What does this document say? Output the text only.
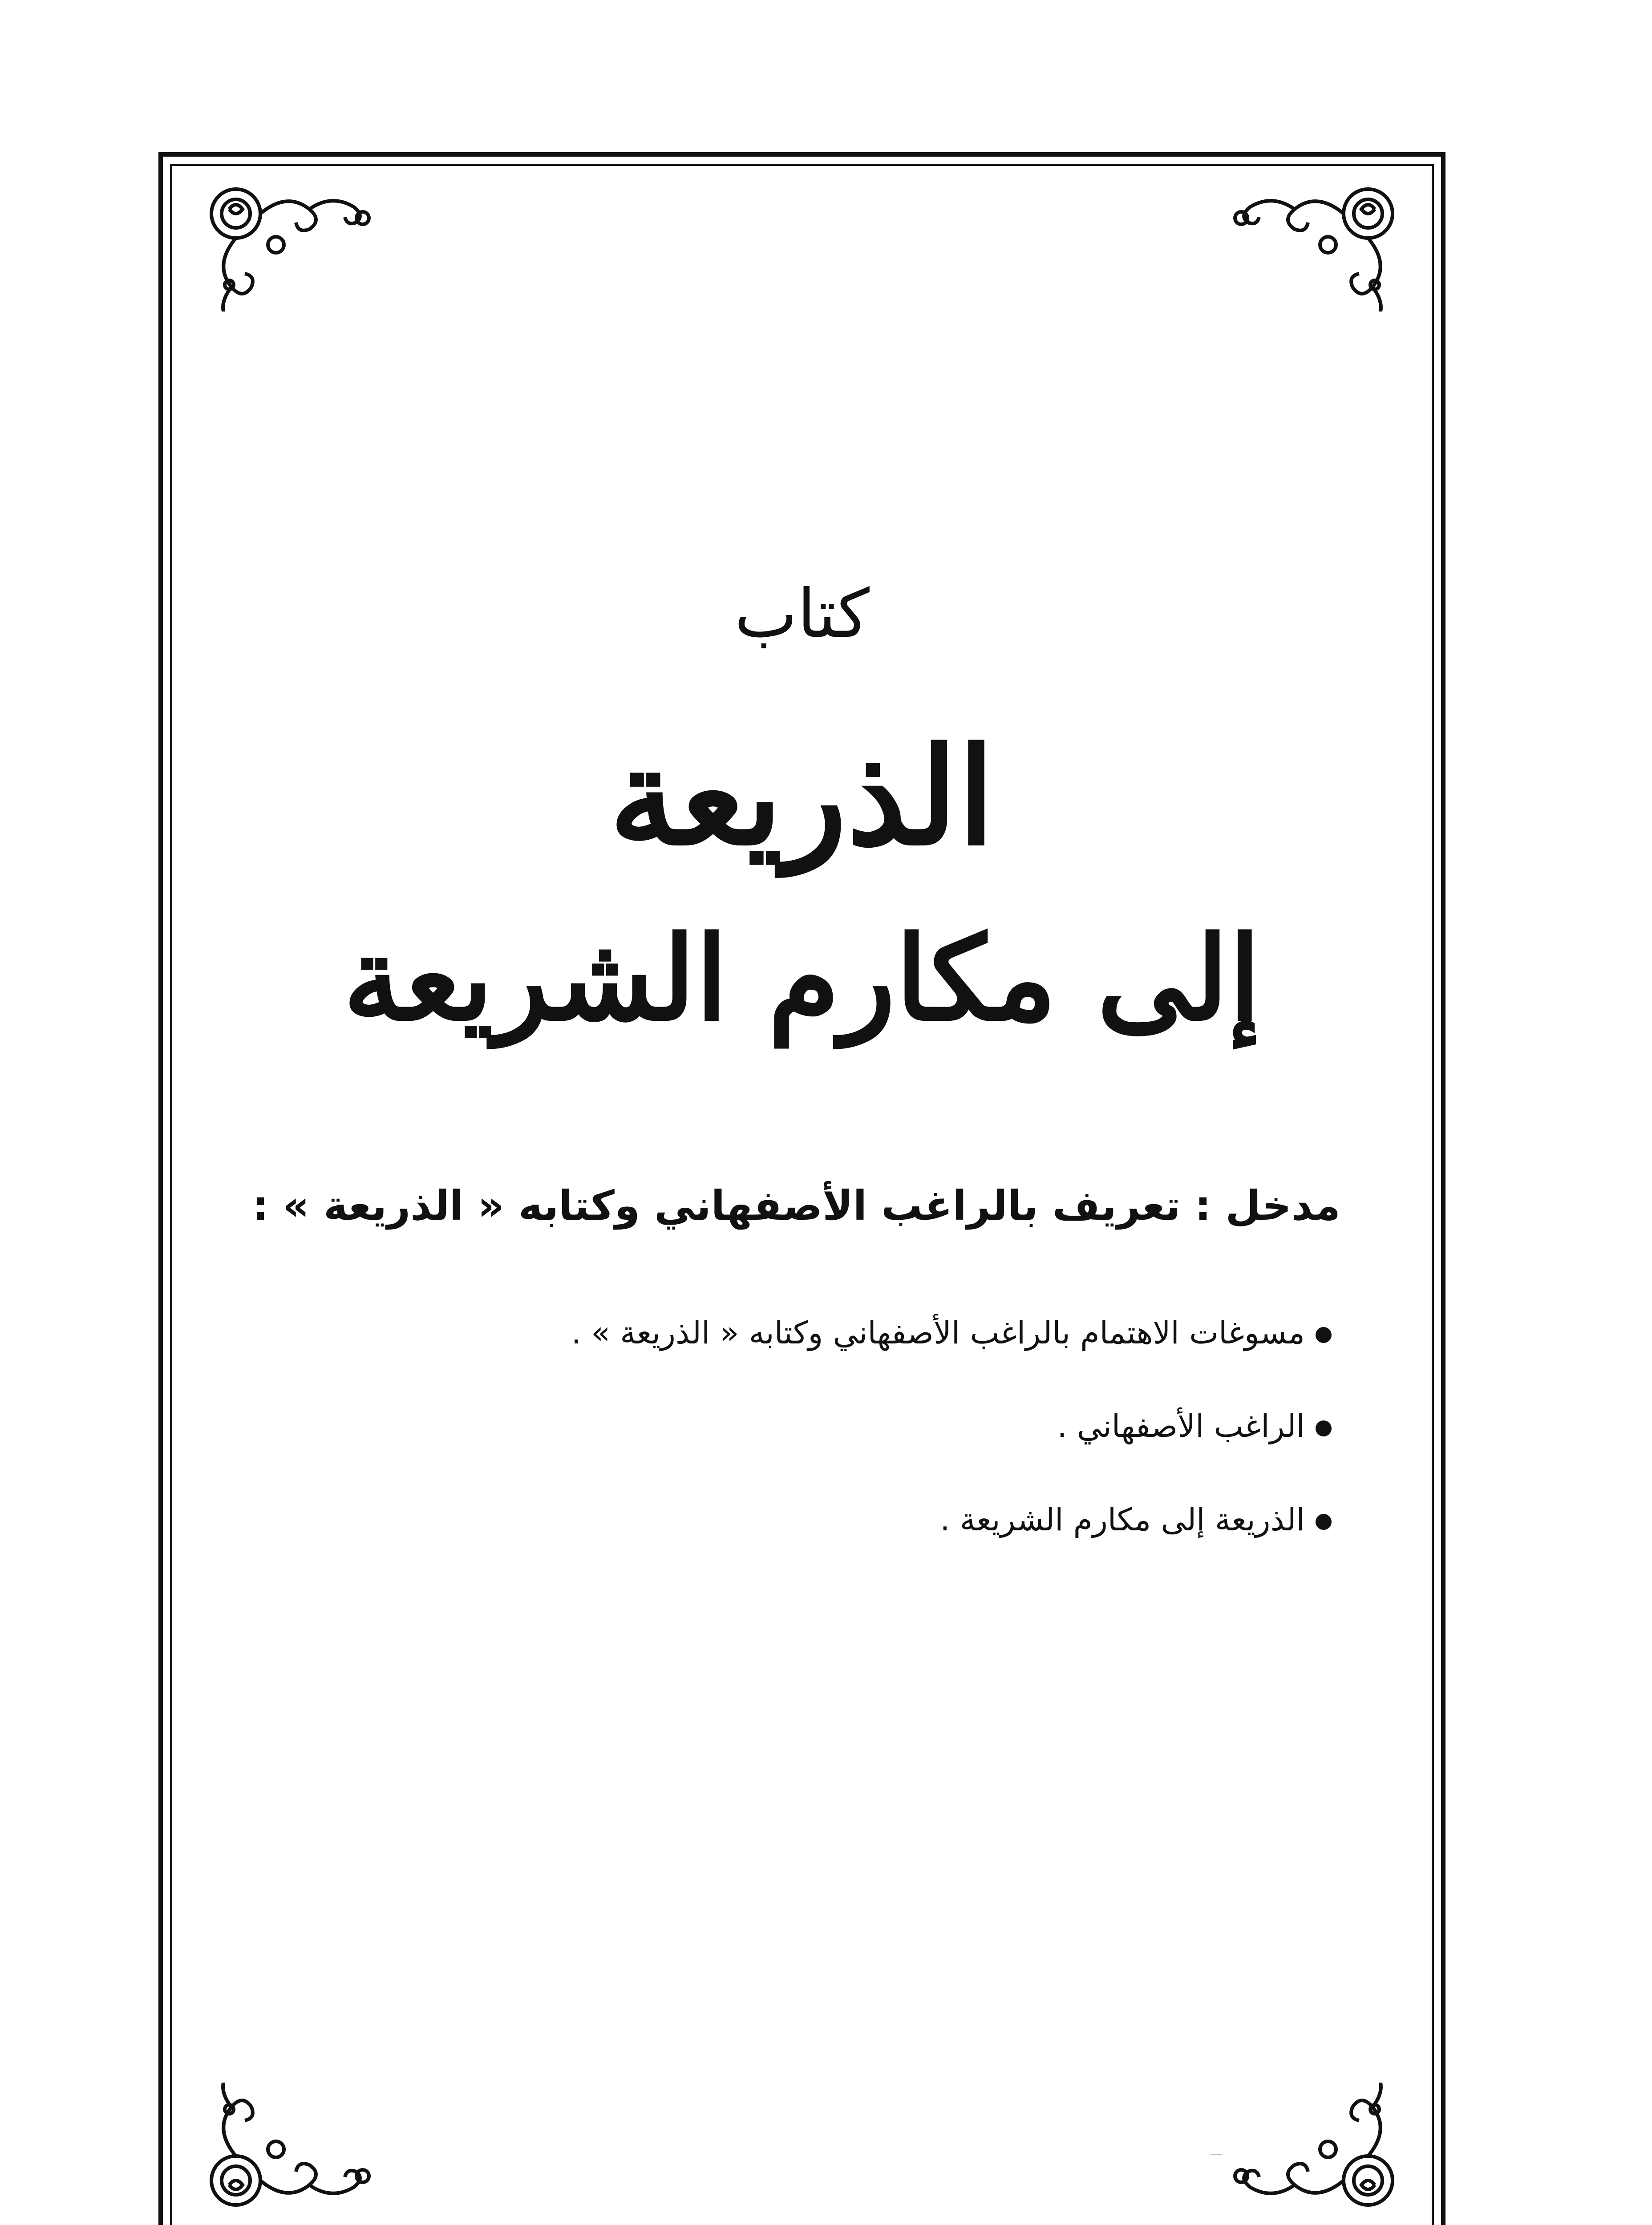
كتاب
الذريعة
إلى مكارم الشريعة
مدخل : تعريف بالراغب الأصفهاني وكتابه « الذريعة » :
مسوغات الاهتمام بالراغب الأصفهاني وكتابه « الذريعة » .
الراغب الأصفهاني .
الذريعة إلى مكارم الشريعة .
